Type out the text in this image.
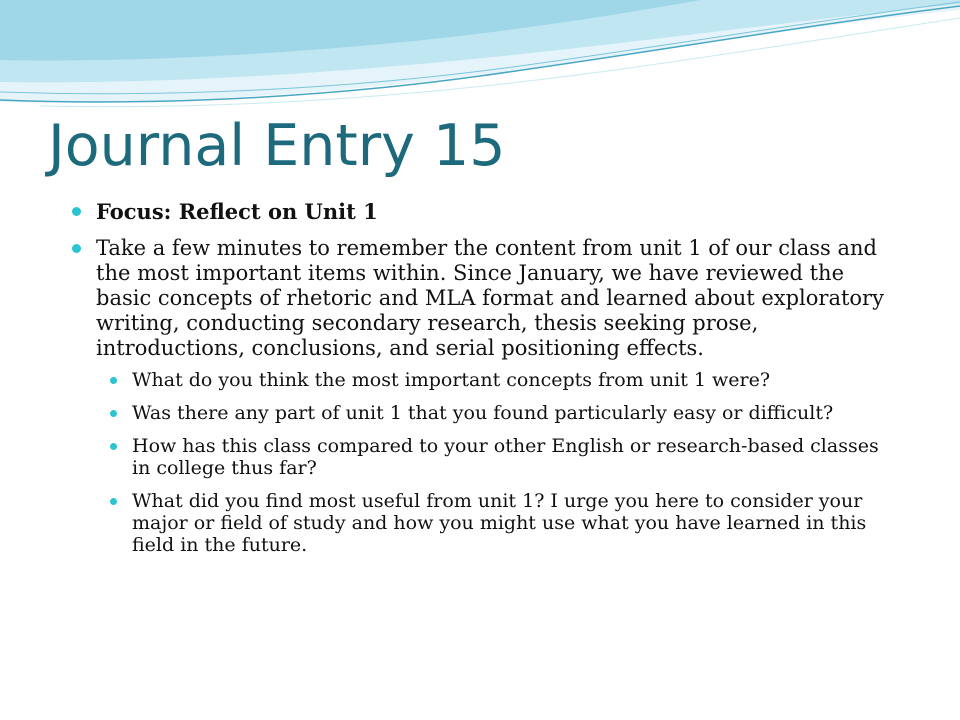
Journal Entry 15
Focus: Reflect on Unit 1
Take a few minutes to remember the content from unit 1 of our class and the most important items within. Since January, we have reviewed the basic concepts of rhetoric and MLA format and learned about exploratory writing, conducting secondary research, thesis seeking prose, introductions, conclusions, and serial positioning effects.
What do you think the most important concepts from unit 1 were?
Was there any part of unit 1 that you found particularly easy or difficult?
How has this class compared to your other English or research-based classes in college thus far?
What did you find most useful from unit 1? I urge you here to consider your major or field of study and how you might use what you have learned in this field in the future.
